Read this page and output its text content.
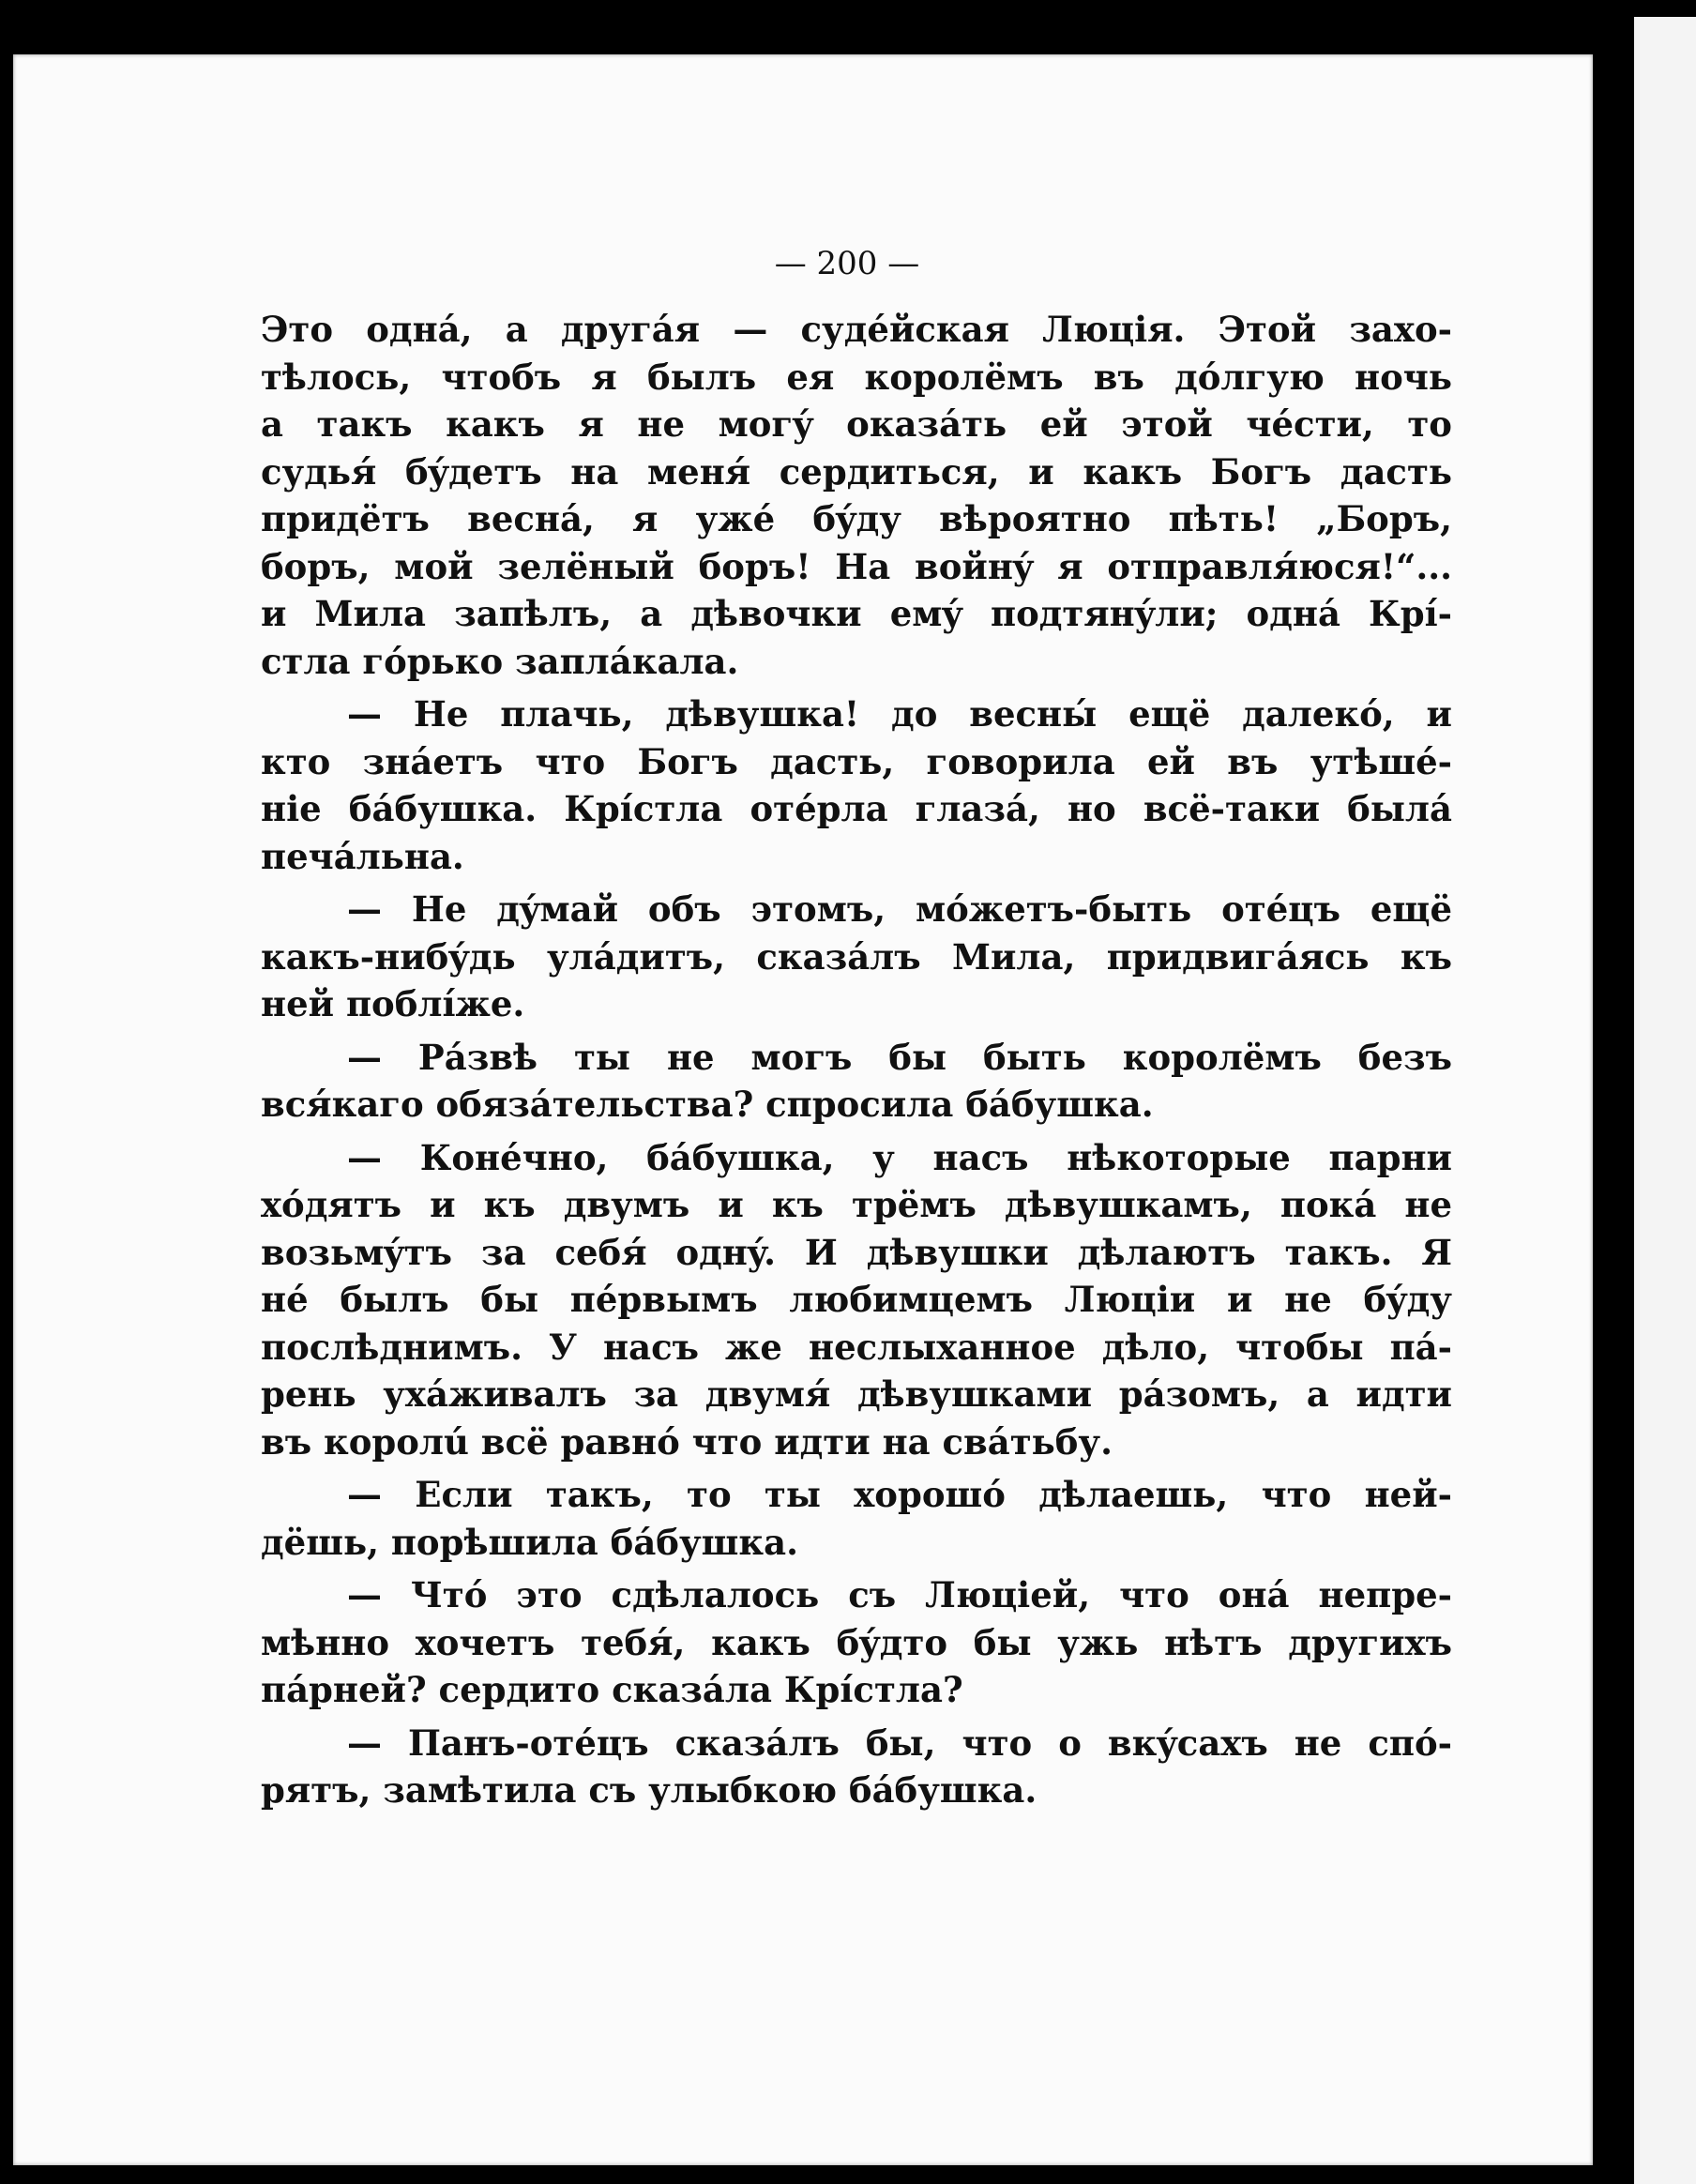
— 200 —
Это однá, а другáя — судéйская Люція. Этой захо-
тѣлось, чтобъ я былъ ея королёмъ въ дóлгую ночь
а такъ какъ я не могý оказáть ей этой чéсти, то
судья́ бýдетъ на меня́ сердиться, и какъ Богъ дасть
придётъ веснá, я ужé бýду вѣроятно пѣть! „Боръ,
боръ, мой зелёный боръ! На войнý я отправля́юся!“...
и Мила запѣлъ, а дѣвочки емý подтянýли; однá Крí-
стла гóрько заплáкала.
— Не плачь, дѣвушка! до весны́ ещё далекó, и
кто знáетъ что Богъ дасть, говорила ей въ утѣшé-
ніе бáбушка. Крíстла отéрла глазá, но всё-таки былá
печáльна.
— Не дýмай объ этомъ, мóжетъ-быть отéцъ ещё
какъ-нибýдь улáдитъ, сказáлъ Мила, придвигáясь къ
ней поблíже.
— Рáзвѣ ты не могъ бы быть королёмъ безъ
вся́каго обязáтельства? спросила бáбушка.
— Конéчно, бáбушка, у насъ нѣкоторые парни
хóдятъ и къ двумъ и къ трёмъ дѣвушкамъ, покá не
возьмýтъ за себя́ однý. И дѣвушки дѣлаютъ такъ. Я
нé былъ бы пéрвымъ любимцемъ Люціи и не бýду
послѣднимъ. У насъ же неслыханное дѣло, чтобы пá-
рень ухáживалъ за двумя́ дѣвушками рáзомъ, а идти
въ королú всё равнó что идти на свáтьбу.
— Если такъ, то ты хорошó дѣлаешь, что ней-
дёшь, порѣшила бáбушка.
— Чтó это сдѣлалось съ Люціей, что онá непре-
мѣнно хочетъ тебя́, какъ бýдто бы ужь нѣтъ другихъ
пáрней? сердито сказáла Крíстла?
— Панъ-отéцъ сказáлъ бы, что о вкýсахъ не спó-
рятъ, замѣтила съ улыбкою бáбушка.
